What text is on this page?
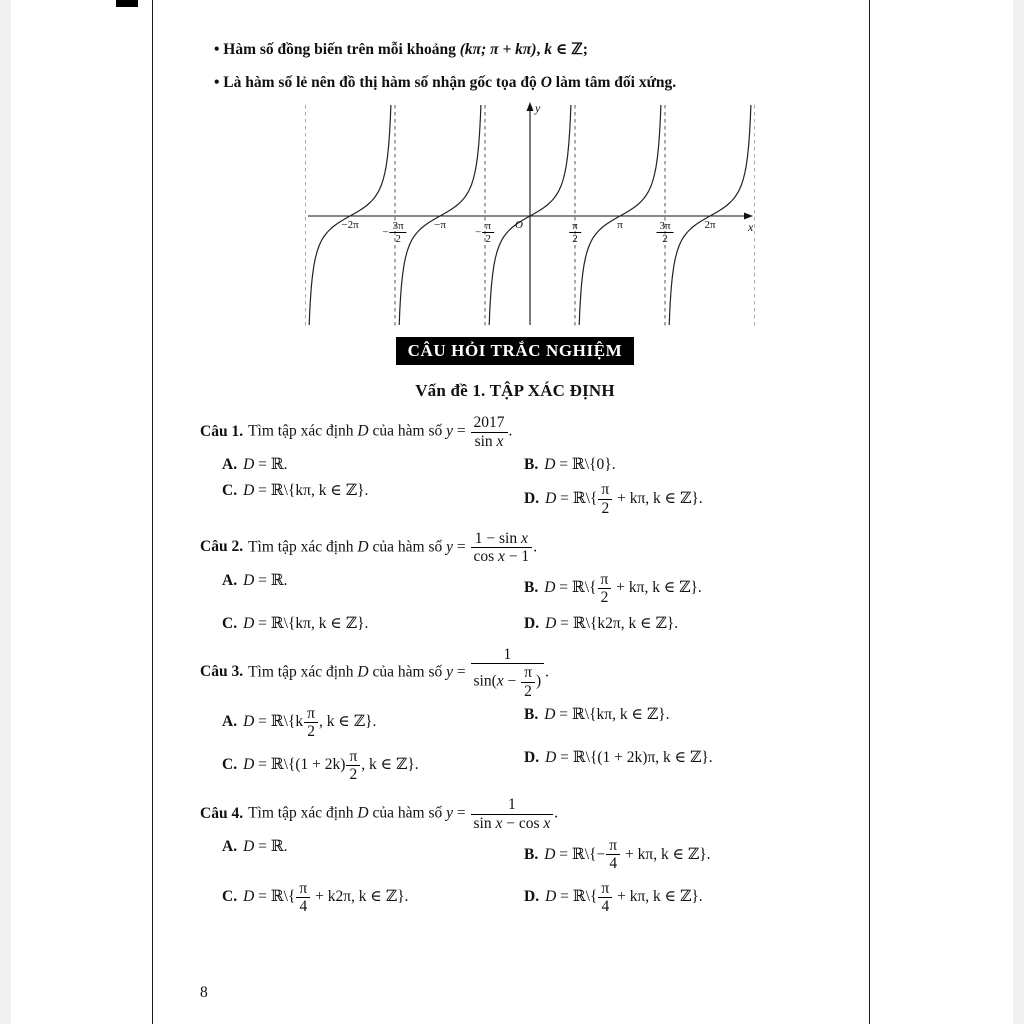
• Hàm số đồng biến trên mỗi khoảng (kπ; π + kπ), k ∈ ℤ;
• Là hàm số lẻ nên đồ thị hàm số nhận gốc tọa độ O làm tâm đối xứng.
−2π
− $\frac{3\pi}{2} -\pi$
− $\frac{\pi}{2}$ O	$\frac{\pi}{2}$	π	$\frac{3\pi}{2}$	2π	x
y
CÂU HỎI TRẮC NGHIỆM
Vấn đề 1. TẬP XÁC ĐỊNH
Câu 1. Tìm tập xác định D của hàm số $y = \frac{2017}{\text{sin x}}$ .
A. D = ℝ.	B. D = ℝ\{0}.
C. D = ℝ\{kπ, k ∈ ℤ}.	D. D = ℝ\{ $\frac{\pi}{2} + k\pi$, k ∈ ℤ}.
Câu 2. Tìm tập xác định D của hàm số $y = \frac{\text{1 − sin x}}{\text{cos x − 1}}$ .
A. D = ℝ.	B. D = ℝ\{ $\frac{\pi}{2} + k\pi$, k ∈ ℤ}.
C. D = ℝ\{kπ, k ∈ ℤ}.	D. D = ℝ\{k2π, k ∈ ℤ}.
Câu 3. Tìm tập xác định D của hàm số $y = \frac{1}{\sin(x - \frac{\pi}{2} )}$ .
A. D = ℝ\{k $\frac{\pi}{2}$ , k ∈ ℤ}.	B. D = ℝ\{kπ, k ∈ ℤ}.
C. D = ℝ\{(1 + $2k) \frac{\pi}{2}$ , k ∈ ℤ}.	D. D = ℝ\{(1 + 2k)π, k ∈ ℤ}.
Câu 4. Tìm tập xác định D của hàm số $y = \frac{1}{\text{sin x − cos x}}$ .
A. D = ℝ.	B. D = ℝ\{− $\frac{\pi}{4} + k\pi$, k ∈ ℤ}.
C. D = ℝ\{ $\frac{\pi}{4} + k2\pi$, k ∈ ℤ}.	D. D = ℝ\{ $\frac{\pi}{4} + k\pi$, k ∈ ℤ}.
8
